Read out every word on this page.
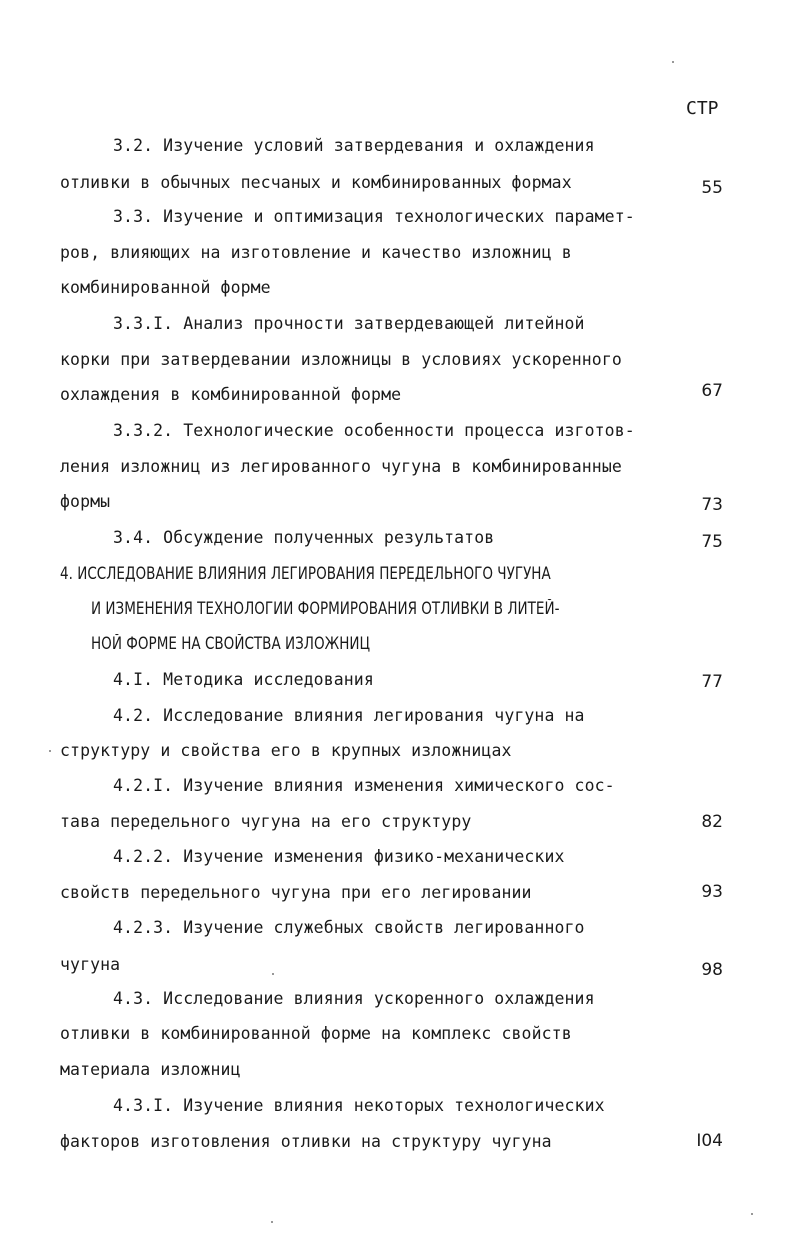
СТР
3.2. Изучение условий затвердевания и охлаждения
отливки в обычных песчаных и комбинированных формах	55
3.3. Изучение и оптимизация технологических парамет-
ров, влияющих на изготовление и качество изложниц в
комбинированной форме
3.3.I. Анализ прочности затвердевающей литейной
корки при затвердевании изложницы в условиях ускоренного
охлаждения в комбинированной форме	67
3.3.2. Технологические особенности процесса изготов-
ления изложниц из легированного чугуна в комбинированные
формы	73
3.4. Обсуждение полученных результатов	75
4. ИССЛЕДОВАНИЕ ВЛИЯНИЯ ЛЕГИРОВАНИЯ ПЕРЕДЕЛЬНОГО ЧУГУНА
И ИЗМЕНЕНИЯ ТЕХНОЛОГИИ ФОРМИРОВАНИЯ ОТЛИВКИ В ЛИТЕЙ-
НОЙ ФОРМЕ НА СВОЙСТВА ИЗЛОЖНИЦ
4.I. Методика исследования	77
4.2. Исследование влияния легирования чугуна на
структуру и свойства его в крупных изложницах
4.2.I. Изучение влияния изменения химического сос-
тава передельного чугуна на его структуру	82
4.2.2. Изучение изменения физико-механических
свойств передельного чугуна при его легировании	93
4.2.3. Изучение служебных свойств легированного
чугуна	98
4.3. Исследование влияния ускоренного охлаждения
отливки в комбинированной форме на комплекс свойств
материала изложниц
4.3.I. Изучение влияния некоторых технологических
факторов изготовления отливки на структуру чугуна	I04
